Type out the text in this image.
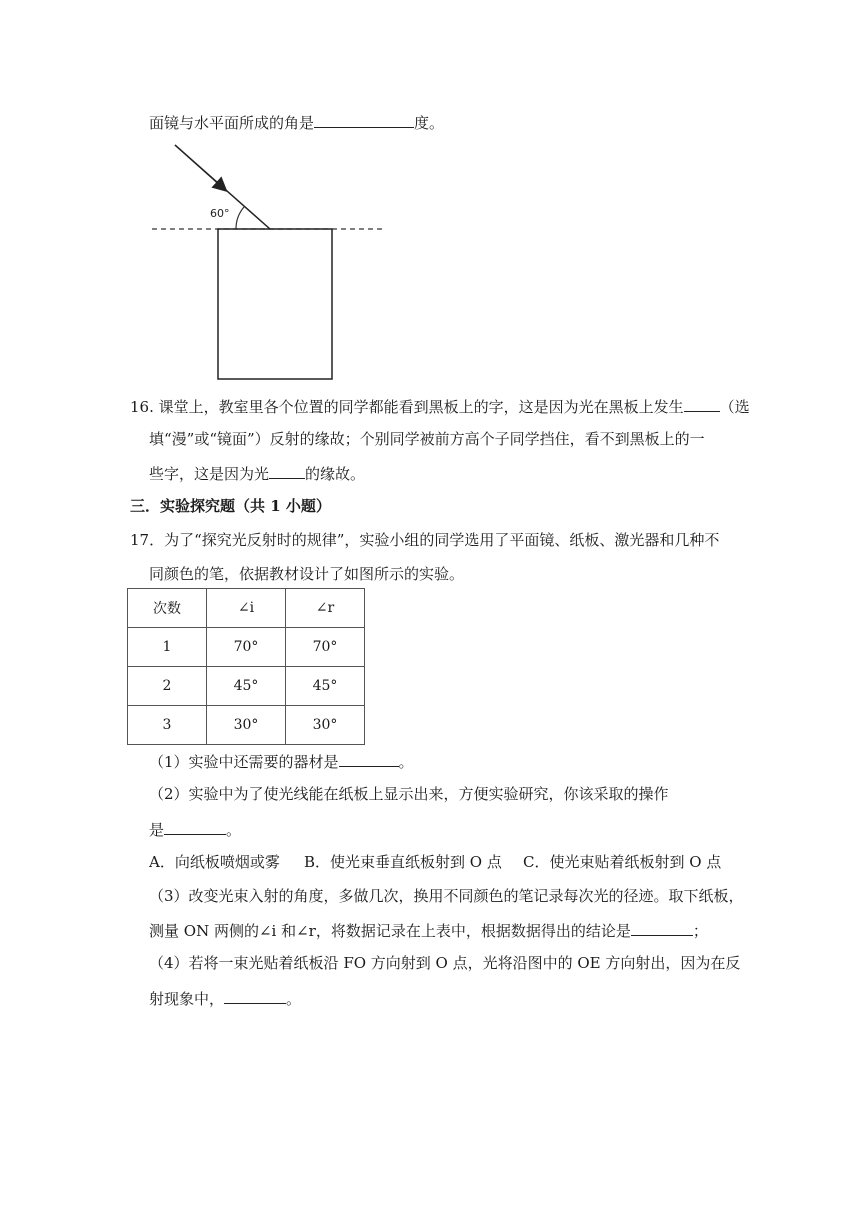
面镜与水平面所成的角是	度。
60°
16. 课堂上，教室里各个位置的同学都能看到黑板上的字，这是因为光在黑板上发生 （选
填“漫”或“镜面”）反射的缘故；个别同学被前方高个子同学挡住，看不到黑板上的一
些字，这是因为光 的缘故。
三．实验探究题（共 1 小题）
17．为了“探究光反射时的规律”，实验小组的同学选用了平面镜、纸板、激光器和几种不
同颜色的笔，依据教材设计了如图所示的实验。
次数	∠i	∠r
1	70°	70°
2	45°	45°
3	30°	30°
（1）实验中还需要的器材是	。
（2）实验中为了使光线能在纸板上显示出来，方便实验研究，你该采取的操作
是	。
A．向纸板喷烟或雾 B．使光束垂直纸板射到 O 点 C．使光束贴着纸板射到 O 点
（3）改变光束入射的角度，多做几次，换用不同颜色的笔记录每次光的径迹。取下纸板，
测量 ON 两侧的∠i 和∠r，将数据记录在上表中，根据数据得出的结论是	；
（4）若将一束光贴着纸板沿 FO 方向射到 O 点，光将沿图中的 OE 方向射出，因为在反
射现象中，	。
